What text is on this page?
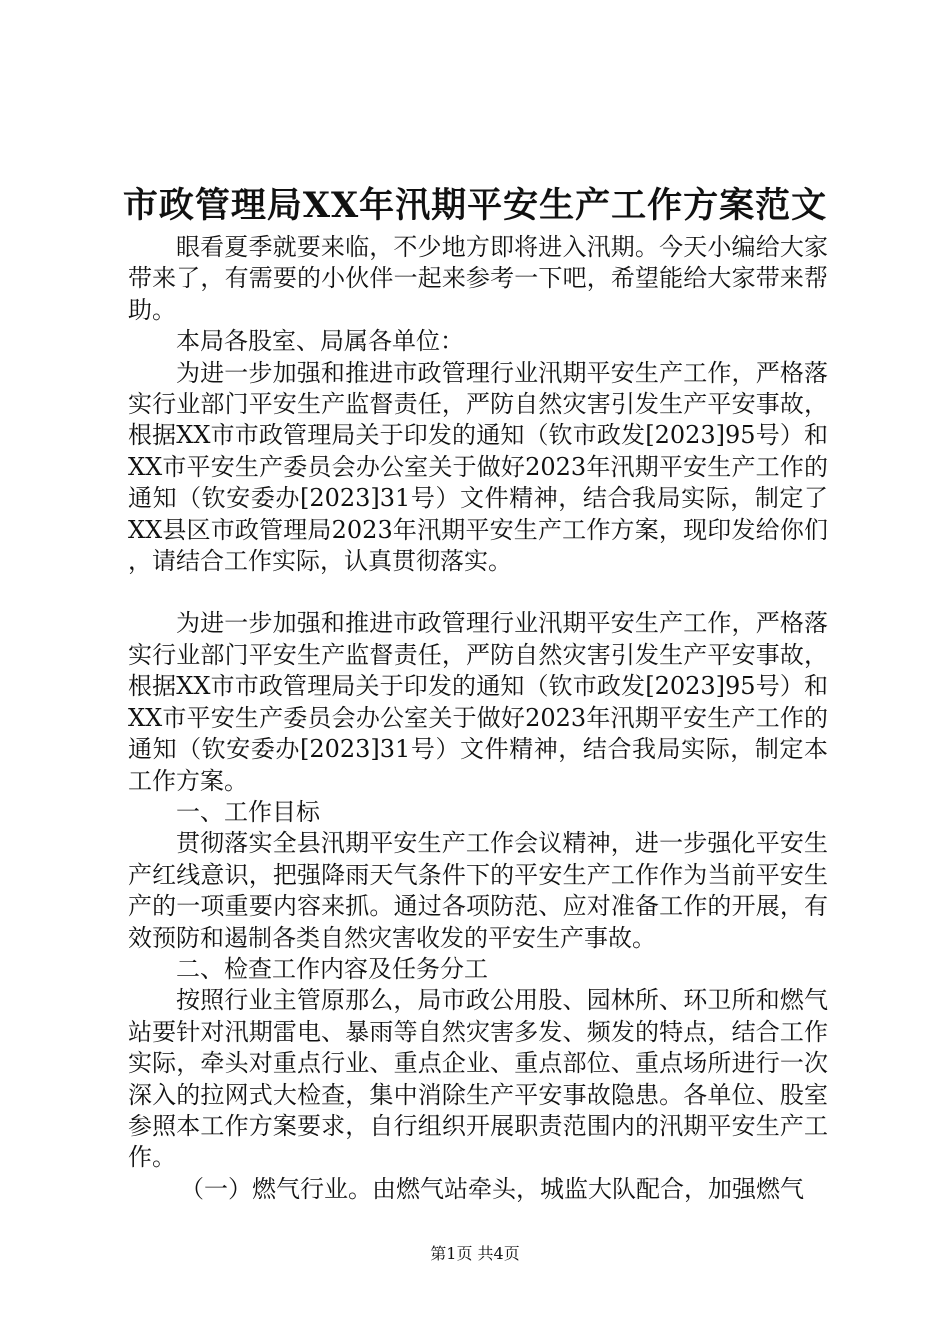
市政管理局XX年汛期平安生产工作方案范文

眼看夏季就要来临，不少地方即将进入汛期。今天小编给大家带来了，有需要的小伙伴一起来参考一下吧，希望能给大家带来帮助。

本局各股室、局属各单位：

为进一步加强和推进市政管理行业汛期平安生产工作，严格落实行业部门平安生产监督责任，严防自然灾害引发生产平安事故，根据XX市市政管理局关于印发的通知（钦市政发[2023]95号）和XX市平安生产委员会办公室关于做好2023年汛期平安生产工作的通知（钦安委办[2023]31号）文件精神，结合我局实际，制定了XX县区市政管理局2023年汛期平安生产工作方案，现印发给你们，请结合工作实际，认真贯彻落实。

为进一步加强和推进市政管理行业汛期平安生产工作，严格落实行业部门平安生产监督责任，严防自然灾害引发生产平安事故，根据XX市市政管理局关于印发的通知（钦市政发[2023]95号）和XX市平安生产委员会办公室关于做好2023年汛期平安生产工作的通知（钦安委办[2023]31号）文件精神，结合我局实际，制定本工作方案。

一、工作目标

贯彻落实全县汛期平安生产工作会议精神，进一步强化平安生产红线意识，把强降雨天气条件下的平安生产工作作为当前平安生产的一项重要内容来抓。通过各项防范、应对准备工作的开展，有效预防和遏制各类自然灾害收发的平安生产事故。

二、检查工作内容及任务分工

按照行业主管原那么，局市政公用股、园林所、环卫所和燃气站要针对汛期雷电、暴雨等自然灾害多发、频发的特点，结合工作实际，牵头对重点行业、重点企业、重点部位、重点场所进行一次深入的拉网式大检查，集中消除生产平安事故隐患。各单位、股室参照本工作方案要求，自行组织开展职责范围内的汛期平安生产工作。

（一）燃气行业。由燃气站牵头，城监大队配合，加强燃气

第1页 共4页
